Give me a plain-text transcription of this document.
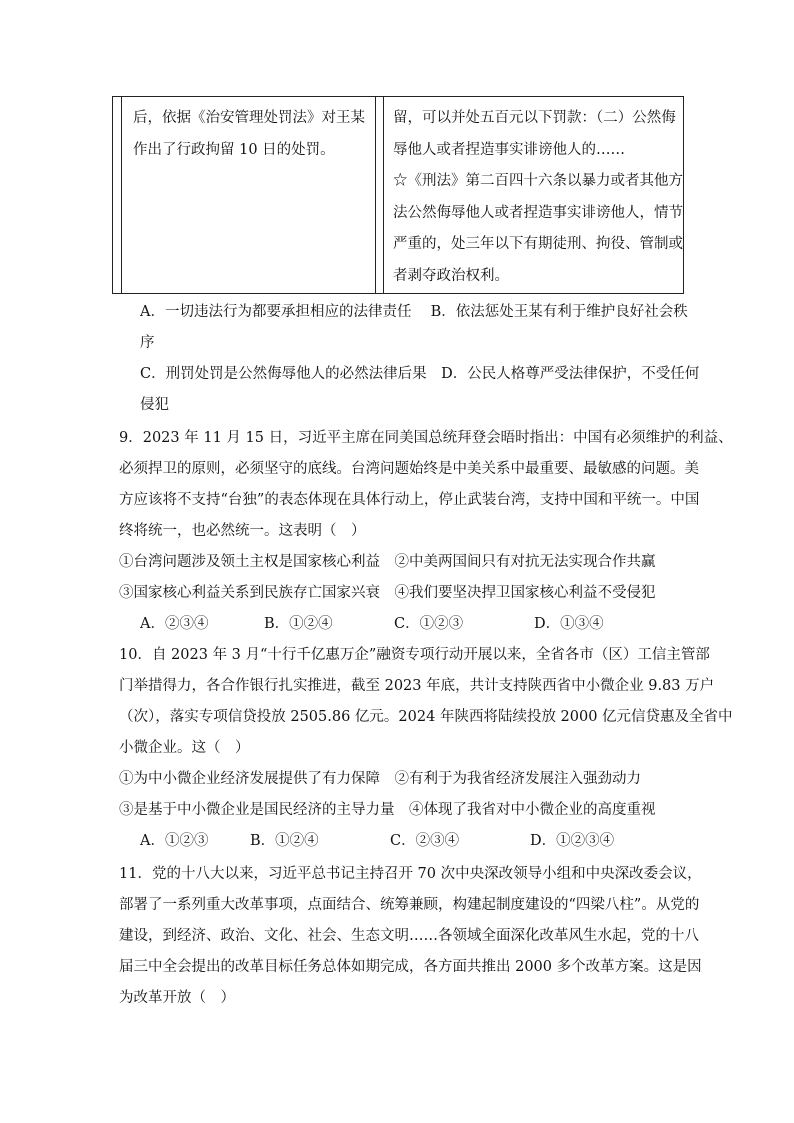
后，依据《治安管理处罚法》对王某

作出了行政拘留 10 日的处罚。

留，可以并处五百元以下罚款：（二）公然侮

辱他人或者捏造事实诽谤他人的……

☆《刑法》第二百四十六条以暴力或者其他方

法公然侮辱他人或者捏造事实诽谤他人，情节

严重的，处三年以下有期徒刑、拘役、管制或

者剥夺政治权利。

A．一切违法行为都要承担相应的法律责任　 B．依法惩处王某有利于维护良好社会秩
序
C．刑罚处罚是公然侮辱他人的必然法律后果　D．公民人格尊严受法律保护，不受任何
侵犯
9．2023 年 11 月 15 日，习近平主席在同美国总统拜登会晤时指出：中国有必须维护的利益、
必须捍卫的原则，必须坚守的底线。台湾问题始终是中美关系中最重要、最敏感的问题。美
方应该将不支持“台独”的表态体现在具体行动上，停止武装台湾，支持中国和平统一。中国
终将统一，也必然统一。这表明（　）
①台湾问题涉及领土主权是国家核心利益　②中美两国间只有对抗无法实现合作共赢
③国家核心利益关系到民族存亡国家兴衰　④我们要坚决捍卫国家核心利益不受侵犯
A．②③④	B．①②④	C．①②③	D．①③④
10．自 2023 年 3 月“十行千亿惠万企”融资专项行动开展以来，全省各市（区）工信主管部
门举措得力，各合作银行扎实推进，截至 2023 年底，共计支持陕西省中小微企业 9.83 万户
（次），落实专项信贷投放 2505.86 亿元。2024 年陕西将陆续投放 2000 亿元信贷惠及全省中
小微企业。这（　）
①为中小微企业经济发展提供了有力保障　②有利于为我省经济发展注入强劲动力
③是基于中小微企业是国民经济的主导力量　④体现了我省对中小微企业的高度重视
A．①②③	B．①②④	C．②③④	D．①②③④
11．党的十八大以来，习近平总书记主持召开 70 次中央深改领导小组和中央深改委会议，
部署了一系列重大改革事项，点面结合、统筹兼顾，构建起制度建设的“四梁八柱”。从党的
建设，到经济、政治、文化、社会、生态文明……各领域全面深化改革风生水起，党的十八
届三中全会提出的改革目标任务总体如期完成，各方面共推出 2000 多个改革方案。这是因
为改革开放（　）
